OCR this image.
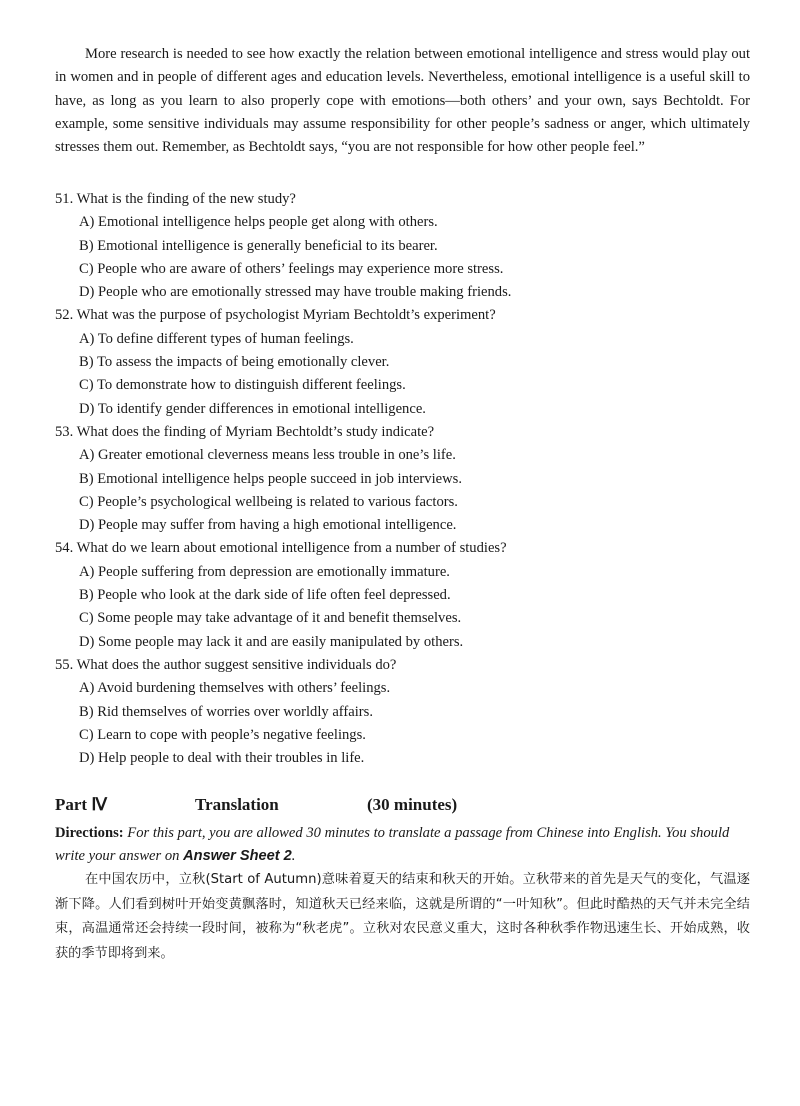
More research is needed to see how exactly the relation between emotional intelligence and stress would play out in women and in people of different ages and education levels. Nevertheless, emotional intelligence is a useful skill to have, as long as you learn to also properly cope with emotions—both others’ and your own, says Bechtoldt. For example, some sensitive individuals may assume responsibility for other people’s sadness or anger, which ultimately stresses them out. Remember, as Bechtoldt says, “you are not responsible for how other people feel.”

51. What is the finding of the new study?

A) Emotional intelligence helps people get along with others.

B) Emotional intelligence is generally beneficial to its bearer.

C) People who are aware of others’ feelings may experience more stress.

D) People who are emotionally stressed may have trouble making friends.

52. What was the purpose of psychologist Myriam Bechtoldt’s experiment?

A) To define different types of human feelings.

B) To assess the impacts of being emotionally clever.

C) To demonstrate how to distinguish different feelings.

D) To identify gender differences in emotional intelligence.

53. What does the finding of Myriam Bechtoldt’s study indicate?

A) Greater emotional cleverness means less trouble in one’s life.

B) Emotional intelligence helps people succeed in job interviews.

C) People’s psychological wellbeing is related to various factors.

D) People may suffer from having a high emotional intelligence.

54. What do we learn about emotional intelligence from a number of studies?

A) People suffering from depression are emotionally immature.

B) People who look at the dark side of life often feel depressed.

C) Some people may take advantage of it and benefit themselves.

D) Some people may lack it and are easily manipulated by others.

55. What does the author suggest sensitive individuals do?

A) Avoid burdening themselves with others’ feelings.

B) Rid themselves of worries over worldly affairs.

C) Learn to cope with people’s negative feelings.

D) Help people to deal with their troubles in life.

Part Ⅳ	Translation	(30 minutes)
Directions: For this part, you are allowed 30 minutes to translate a passage from Chinese into English. You should write your answer on Answer Sheet 2.

在中国农历中，立秋(Start of Autumn)意味着夏天的结束和秋天的开始。立秋带来的首先是天气的变化，气温逐渐下降。人们看到树叶开始变黄飘落时，知道秋天已经来临，这就是所谓的“一叶知秋”。但此时酷热的天气并未完全结束，高温通常还会持续一段时间，被称为“秋老虎”。立秋对农民意义重大，这时各种秋季作物迅速生长、开始成熟，收获的季节即将到来。
